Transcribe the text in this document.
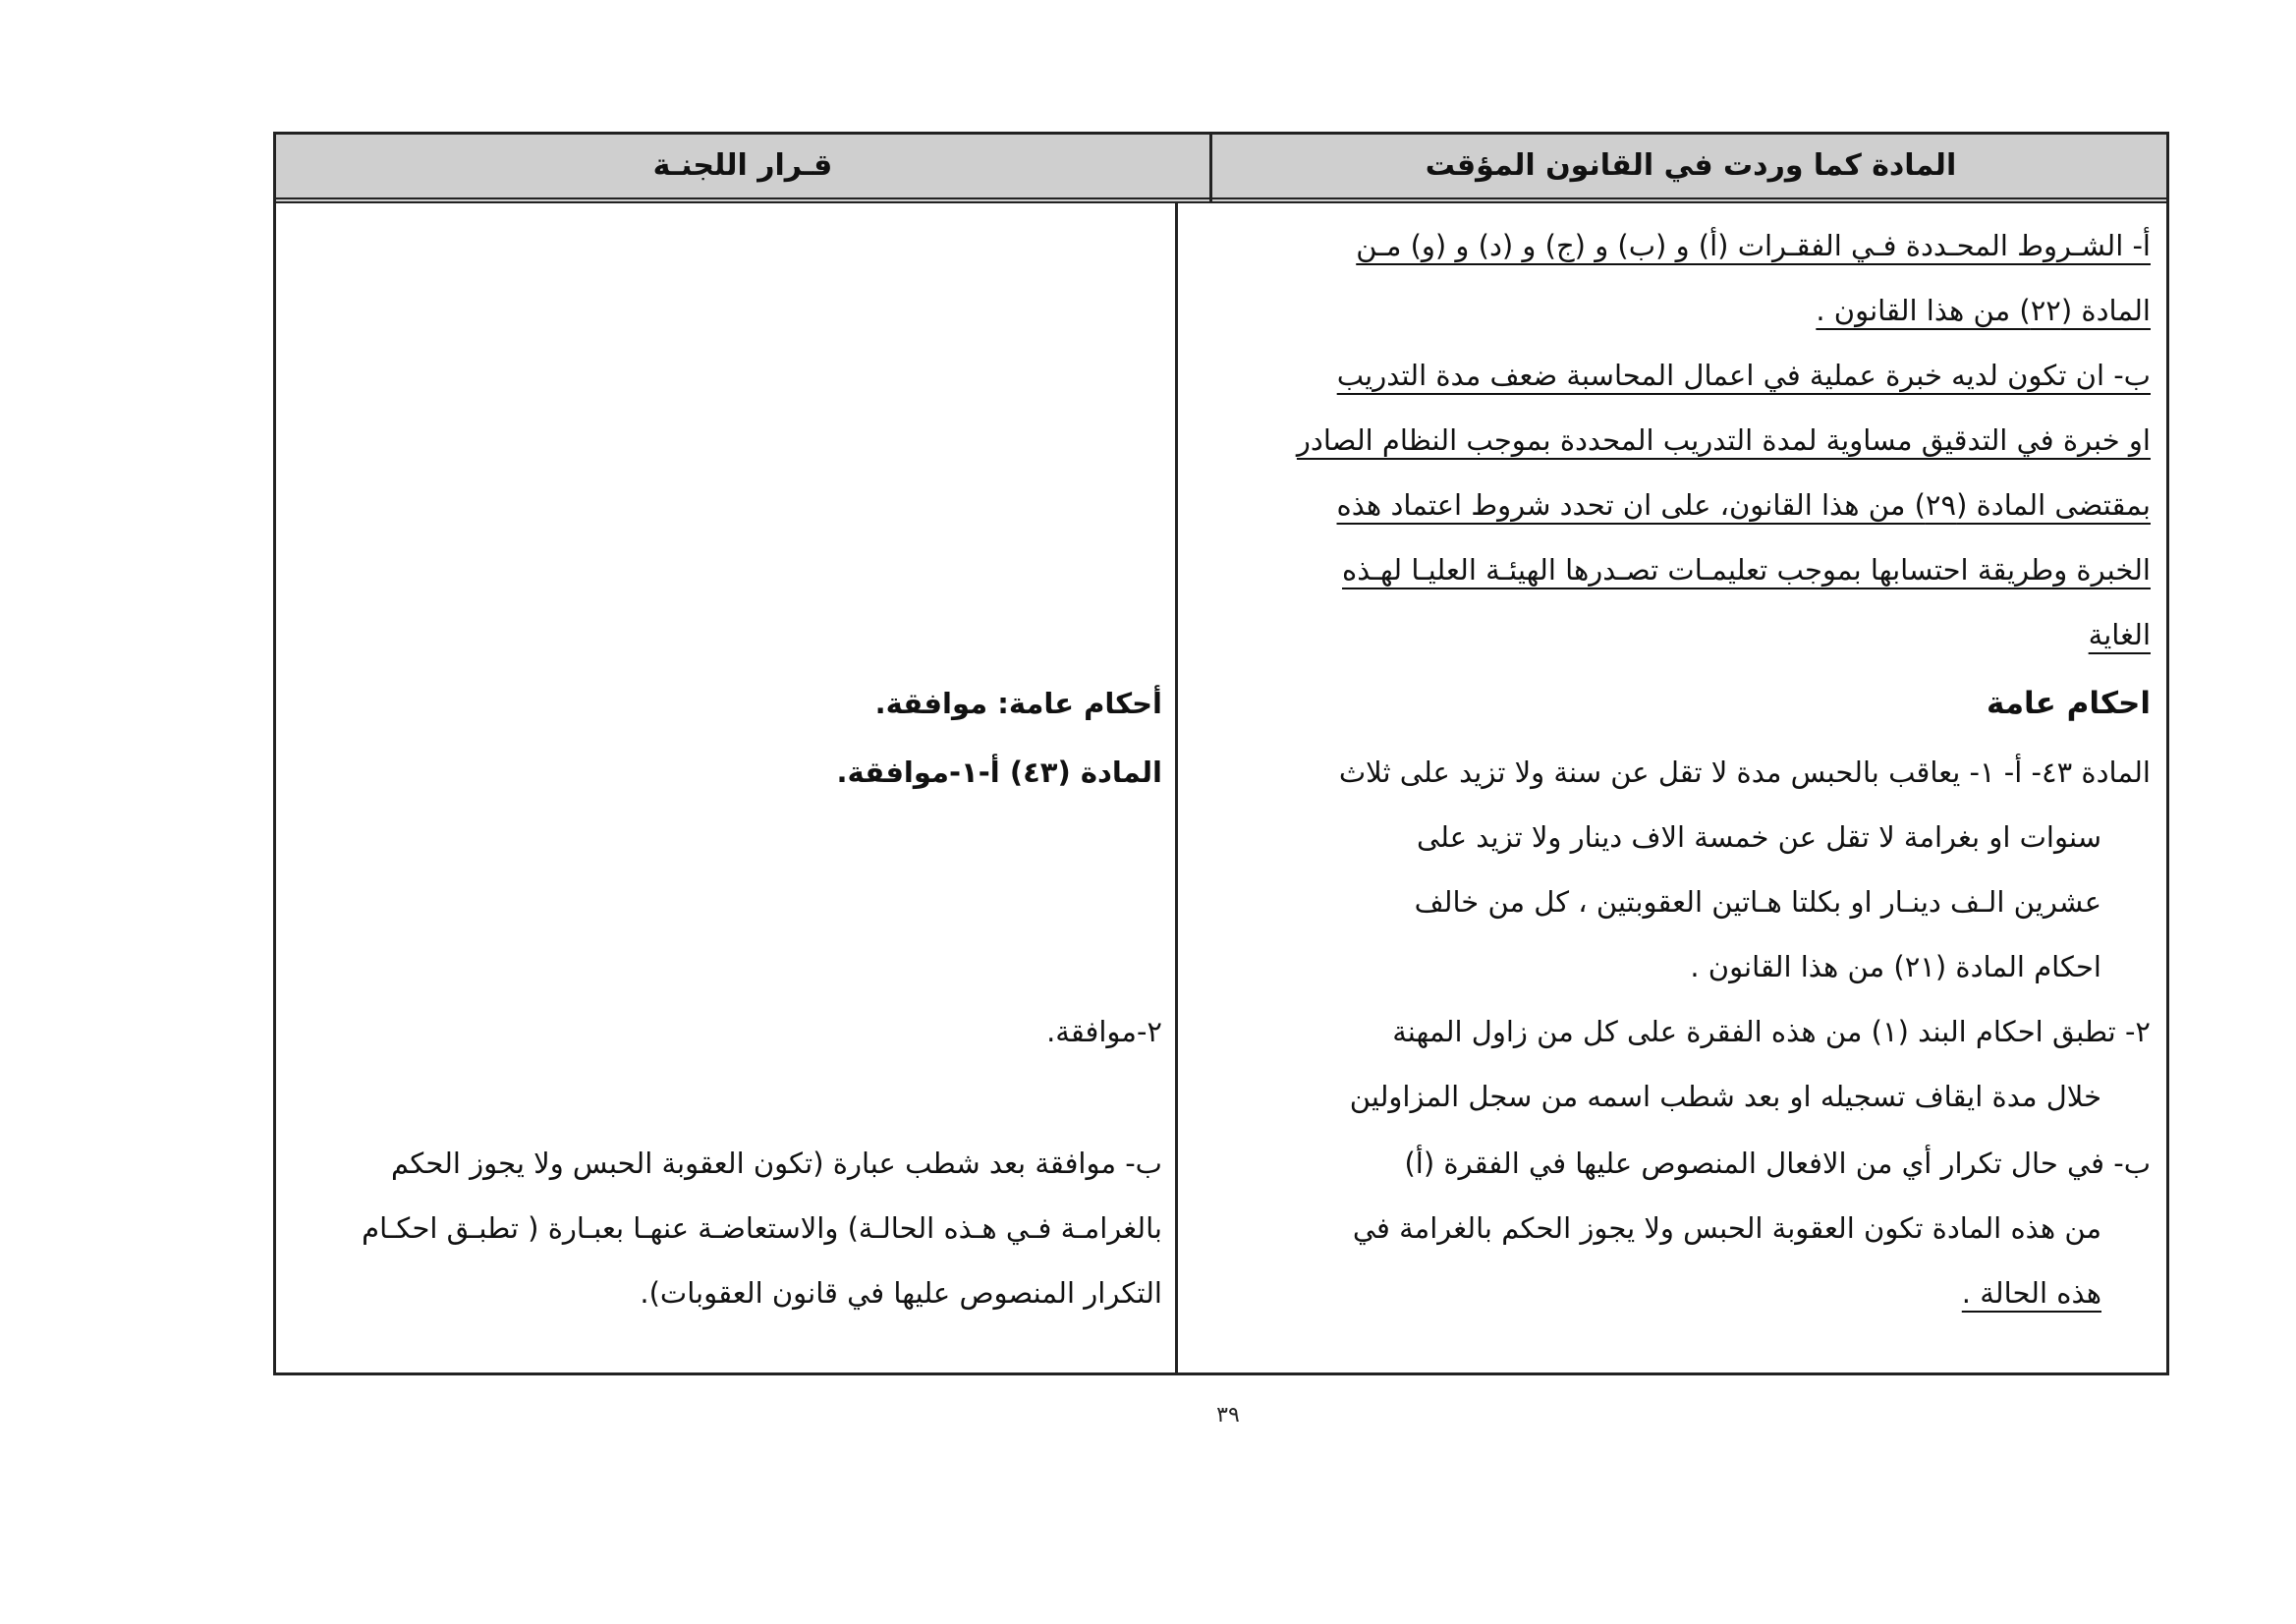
المادة كما وردت في القانون المؤقت
قـرار اللجنـة
أ- الشـروط المحـددة فـي الفقـرات (أ) و (ب) و (ج) و (د) و (و) مـن
المادة (٢٢) من هذا القانون .
ب- ان تكون لديه خبرة عملية في اعمال المحاسبة ضعف مدة التدريب
او خبرة في التدقيق مساوية لمدة التدريب المحددة بموجب النظام الصادر
بمقتضى المادة (٢٩) من هذا القانون، على ان تحدد شروط اعتماد هذه
الخبرة وطريقة احتسابها بموجب تعليمـات تصـدرها الهيئـة العليـا لهـذه
الغاية
احكام عامة
المادة ٤٣- أ- ١- يعاقب بالحبس مدة لا تقل عن سنة ولا تزيد على ثلاث
سنوات او بغرامة لا تقل عن خمسة الاف دينار ولا تزيد على
عشرين الـف دينـار او بكلتا هـاتين العقوبتين ، كل من خالف
احكام المادة (٢١) من هذا القانون .
٢- تطبق احكام البند (١) من هذه الفقرة على كل من زاول المهنة
خلال مدة ايقاف تسجيله او بعد شطب اسمه من سجل المزاولين
ب- في حال تكرار أي من الافعال المنصوص عليها في الفقرة (أ)
من هذه المادة تكون العقوبة الحبس ولا يجوز الحكم بالغرامة في
هذه الحالة .
أحكام عامة: موافقة.
المادة (٤٣) أ-١-موافقة.
٢-موافقة.
ب- موافقة بعد شطب عبارة (تكون العقوبة الحبس ولا يجوز الحكم
بالغرامـة فـي هـذه الحالـة) والاستعاضـة عنهـا بعبـارة ( تطبـق احكـام
التكرار المنصوص عليها في قانون العقوبات).
٣٩
